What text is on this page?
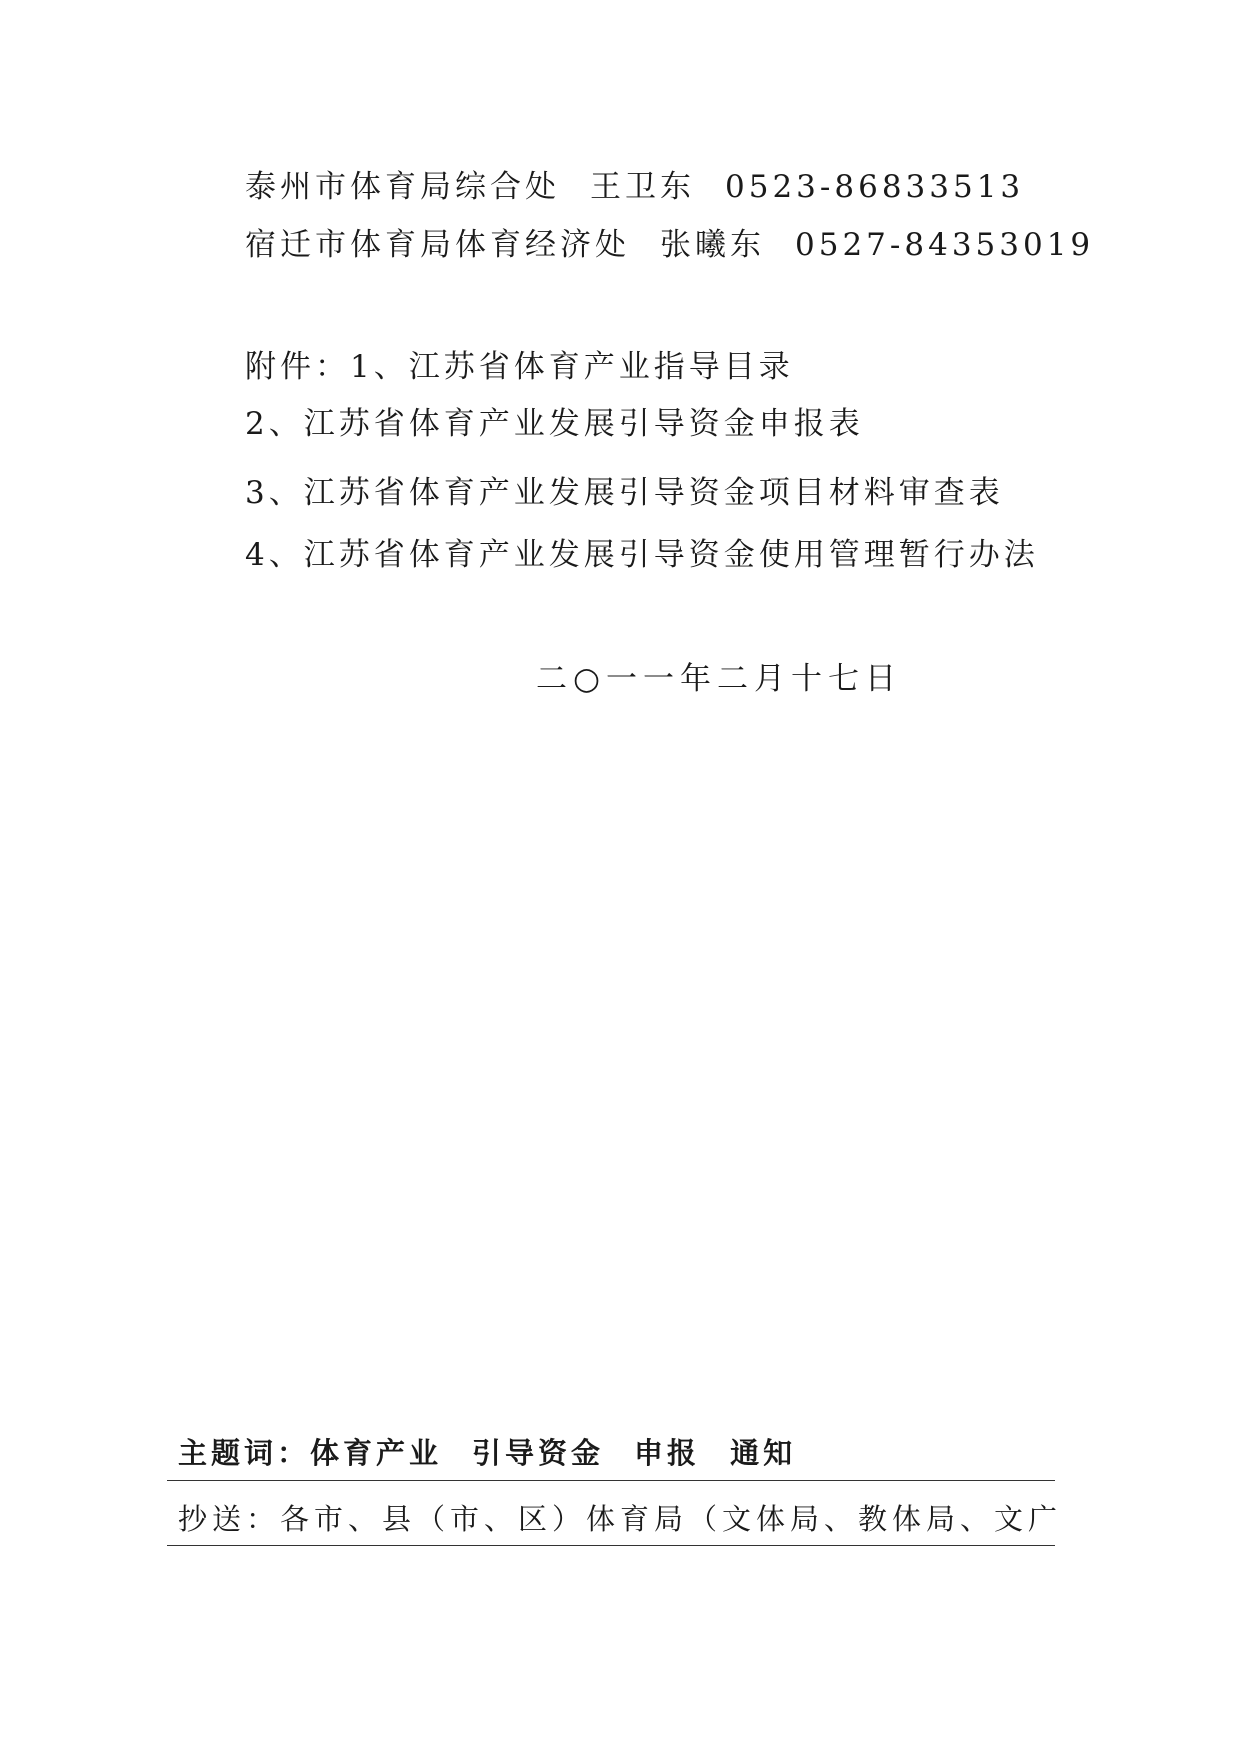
泰州市体育局综合处 王卫东 0523-86833513
宿迁市体育局体育经济处 张曦东 0527-84353019
附件：1、江苏省体育产业指导目录
2、江苏省体育产业发展引导资金申报表
3、江苏省体育产业发展引导资金项目材料审查表
4、江苏省体育产业发展引导资金使用管理暂行办法
二○一一年二月十七日
主题词：体育产业 引导资金 申报 通知
抄送：各市、县（市、区）体育局（文体局、教体局、文广
